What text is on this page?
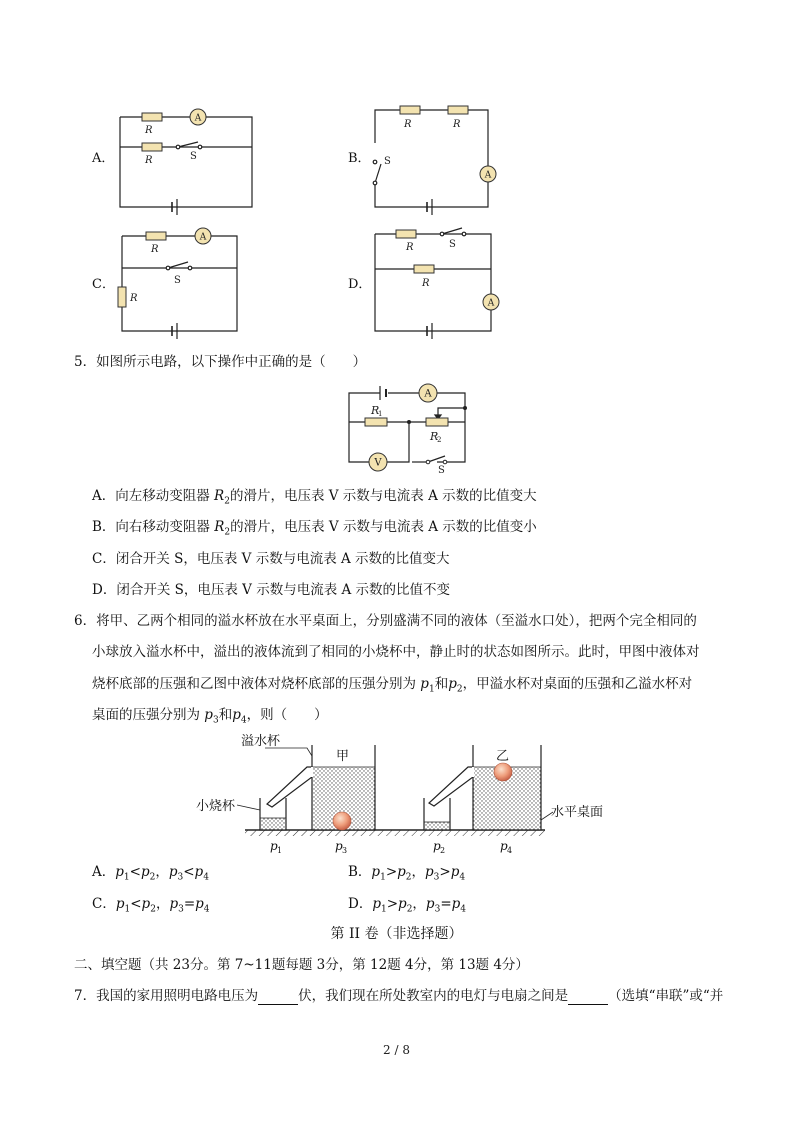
R
R
R	R
R
R
R
R
A
A
A
A
S	S
S
S
A．	B．
C．	D．
5．如图所示电路，以下操作中正确的是（　　）
A
V
R
R
1
2
S
A．向左移动变阻器 $R_2$的滑片，电压表 V 示数与电流表 A 示数的比值变大
B．向右移动变阻器 $R_2$的滑片，电压表 V 示数与电流表 A 示数的比值变小
C．闭合开关 S，电压表 V 示数与电流表 A 示数的比值变大
D．闭合开关 S，电压表 V 示数与电流表 A 示数的比值不变
6．将甲、乙两个相同的溢水杯放在水平桌面上，分别盛满不同的液体（至溢水口处），把两个完全相同的
小球放入溢水杯中，溢出的液体流到了相同的小烧杯中，静止时的状态如图所示。此时，甲图中液体对
烧杯底部的压强和乙图中液体对烧杯底部的压强分别为 $p_1$和$p_2$，甲溢水杯对桌面的压强和乙溢水杯对
桌面的压强分别为 $p_3$和$p_4$，则（　　）
溢水杯
甲	乙
小烧杯	水平桌面
p	p	p	p
1	3	2	4
A．$p_1<p_2$，$p_3<p_4$	B．$p_1>p_2$，$p_3>p_4$
C．$p_1<p_2$，$p_3=p_4$	D．$p_1>p_2$，$p_3=p_4$
第 II 卷（非选择题）
二、填空题（共 23分。第 7~11题每题 3分，第 12题 4分，第 13题 4分）
7．我国的家用照明电路电压为	伏，我们现在所处教室内的电灯与电扇之间是	（选填“串联”或“并
2 / 8
